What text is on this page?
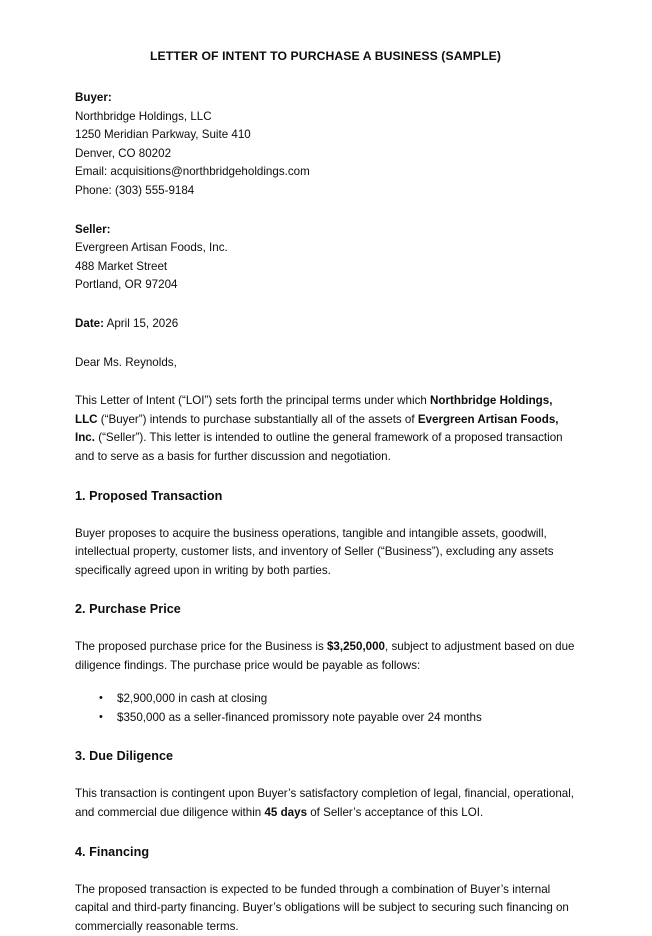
LETTER OF INTENT TO PURCHASE A BUSINESS (SAMPLE)
Buyer:
Northbridge Holdings, LLC
1250 Meridian Parkway, Suite 410
Denver, CO 80202
Email: acquisitions@northbridgeholdings.com
Phone: (303) 555-9184
Seller:
Evergreen Artisan Foods, Inc.
488 Market Street
Portland, OR 97204
Date: April 15, 2026
Dear Ms. Reynolds,

This Letter of Intent (“LOI”) sets forth the principal terms under which Northbridge Holdings, LLC (“Buyer”) intends to purchase substantially all of the assets of Evergreen Artisan Foods, Inc. (“Seller”). This letter is intended to outline the general framework of a proposed transaction and to serve as a basis for further discussion and negotiation.

1. Proposed Transaction

Buyer proposes to acquire the business operations, tangible and intangible assets, goodwill, intellectual property, customer lists, and inventory of Seller (“Business”), excluding any assets specifically agreed upon in writing by both parties.

2. Purchase Price

The proposed purchase price for the Business is $3,250,000, subject to adjustment based on due diligence findings. The purchase price would be payable as follows:

• $2,900,000 in cash at closing
• $350,000 as a seller-financed promissory note payable over 24 months
3. Due Diligence

This transaction is contingent upon Buyer’s satisfactory completion of legal, financial, operational, and commercial due diligence within 45 days of Seller’s acceptance of this LOI.

4. Financing

The proposed transaction is expected to be funded through a combination of Buyer’s internal capital and third-party financing. Buyer’s obligations will be subject to securing such financing on commercially reasonable terms.
